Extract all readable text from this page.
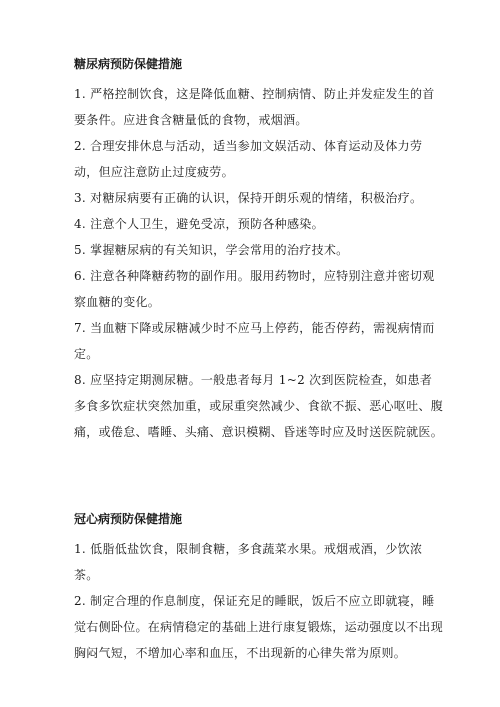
糖尿病预防保健措施

1. 严格控制饮食，这是降低血糖、控制病情、防止并发症发生的首要条件。应进食含糖量低的食物，戒烟酒。

2. 合理安排休息与活动，适当参加文娱活动、体育运动及体力劳动，但应注意防止过度疲劳。

3. 对糖尿病要有正确的认识，保持开朗乐观的情绪，积极治疗。

4. 注意个人卫生，避免受凉，预防各种感染。

5. 掌握糖尿病的有关知识，学会常用的治疗技术。

6. 注意各种降糖药物的副作用。服用药物时，应特别注意并密切观察血糖的变化。

7. 当血糖下降或尿糖减少时不应马上停药，能否停药，需视病情而定。

8. 应坚持定期测尿糖。一般患者每月 1~2 次到医院检查，如患者多食多饮症状突然加重，或尿重突然减少、食欲不振、恶心呕吐、腹痛，或倦怠、嗜睡、头痛、意识模糊、昏迷等时应及时送医院就医。

冠心病预防保健措施

1. 低脂低盐饮食，限制食糖，多食蔬菜水果。戒烟戒酒，少饮浓茶。

2. 制定合理的作息制度，保证充足的睡眠，饭后不应立即就寝，睡觉右侧卧位。在病情稳定的基础上进行康复锻炼，运动强度以不出现胸闷气短，不增加心率和血压，不出现新的心律失常为原则。
